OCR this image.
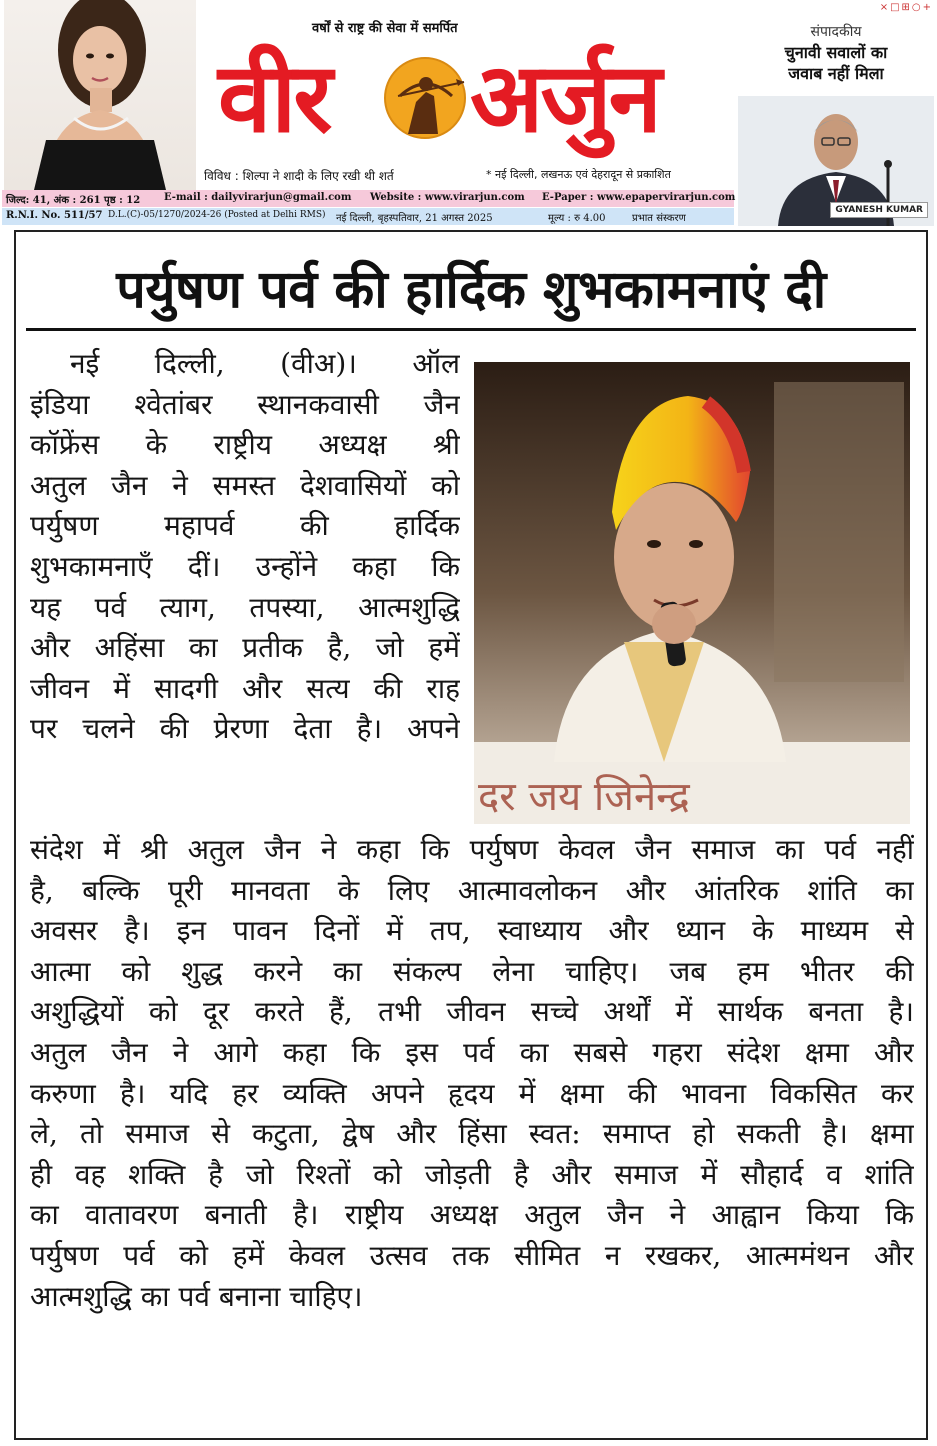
×□⊞○+
वर्षों से राष्ट्र की सेवा में समर्पित
वीर अर्जुन
विविध : शिल्पा ने शादी के लिए रखी थी शर्त	* नई दिल्ली, लखनऊ एवं देहरादून से प्रकाशित
संपादकीय
चुनावी सवालों का
जवाब नहीं मिला
GYANESH KUMAR
जिल्द: 41, अंक : 261 पृष्ठ : 12 E-mail : dailyvirarjun@gmail.com Website : www.virarjun.com E-Paper : www.epapervirarjun.com
R.N.I. No. 511/57 D.L.(C)-05/1270/2024-26 (Posted at Delhi RMS) नई दिल्ली, बृहस्पतिवार, 21 अगस्त 2025	मूल्य : रु 4.00	प्रभात संस्करण
पर्युषण पर्व की हार्दिक शुभकामनाएं दी
दर जय जिनेन्द्र
नई दिल्ली, (वीअ)। ऑल
इंडिया श्वेतांबर स्थानकवासी जैन
कॉफ्रेंस के राष्ट्रीय अध्यक्ष श्री
अतुल जैन ने समस्त देशवासियों को
पर्युषण महापर्व की हार्दिक
शुभकामनाएँ दीं। उन्होंने कहा कि
यह पर्व त्याग, तपस्या, आत्मशुद्धि
और अहिंसा का प्रतीक है, जो हमें
जीवन में सादगी और सत्य की राह
पर चलने की प्रेरणा देता है। अपने
संदेश में श्री अतुल जैन ने कहा कि पर्युषण केवल जैन समाज का पर्व नहीं
है, बल्कि पूरी मानवता के लिए आत्मावलोकन और आंतरिक शांति का
अवसर है। इन पावन दिनों में तप, स्वाध्याय और ध्यान के माध्यम से
आत्मा को शुद्ध करने का संकल्प लेना चाहिए। जब हम भीतर की
अशुद्धियों को दूर करते हैं, तभी जीवन सच्चे अर्थों में सार्थक बनता है।
अतुल जैन ने आगे कहा कि इस पर्व का सबसे गहरा संदेश क्षमा और
करुणा है। यदि हर व्यक्ति अपने हृदय में क्षमा की भावना विकसित कर
ले, तो समाज से कटुता, द्वेष और हिंसा स्वत: समाप्त हो सकती है। क्षमा
ही वह शक्ति है जो रिश्तों को जोड़ती है और समाज में सौहार्द व शांति
का वातावरण बनाती है। राष्ट्रीय अध्यक्ष अतुल जैन ने आह्वान किया कि
पर्युषण पर्व को हमें केवल उत्सव तक सीमित न रखकर, आत्ममंथन और
आत्मशुद्धि का पर्व बनाना चाहिए।
